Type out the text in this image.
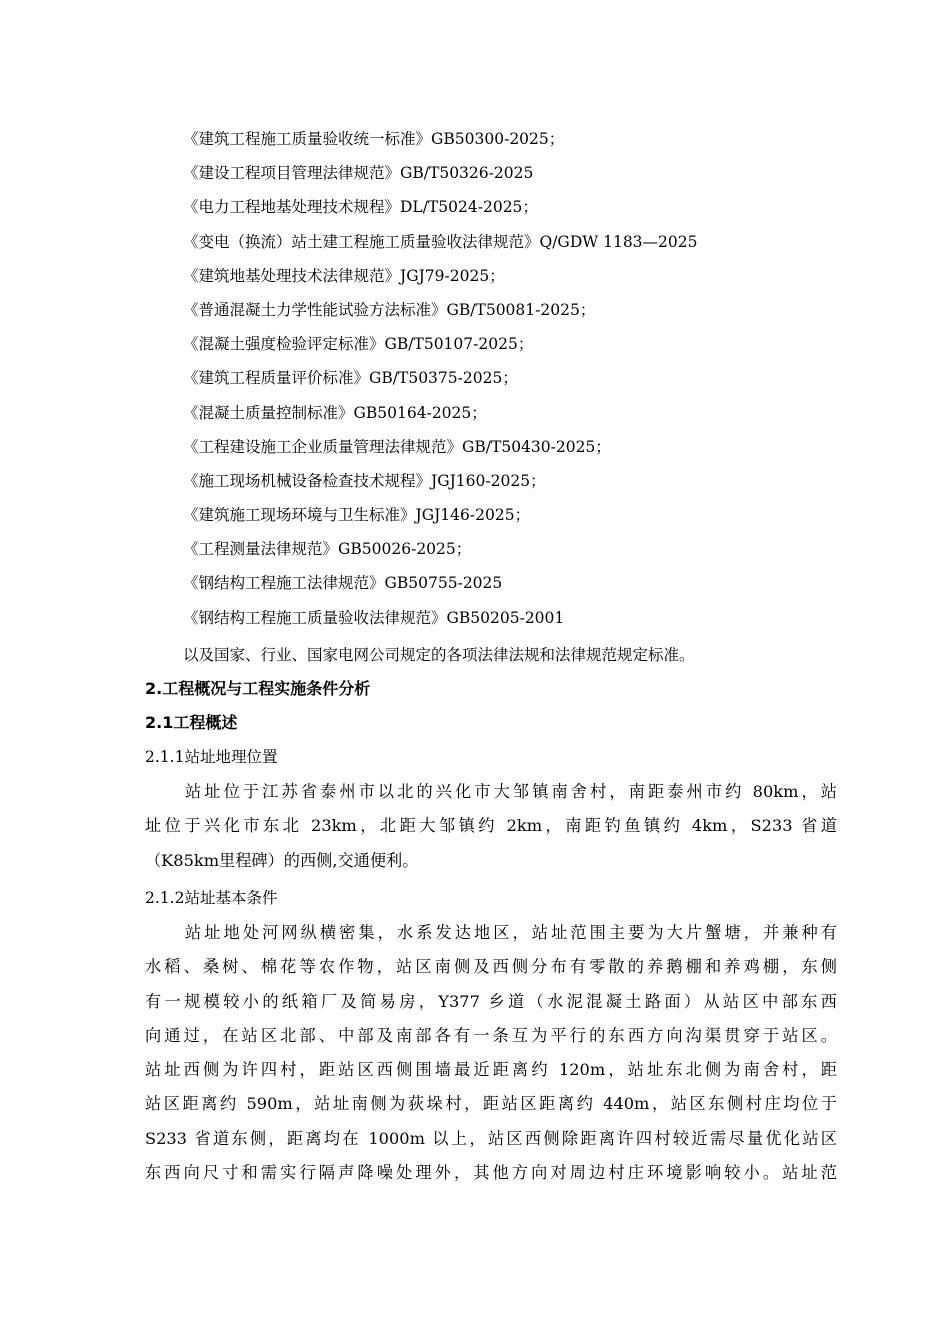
《建筑工程施工质量验收统一标准》GB50300-2025；
《建设工程项目管理法律规范》GB/T50326-2025
《电力工程地基处理技术规程》DL/T5024-2025；
《变电（换流）站土建工程施工质量验收法律规范》Q/GDW 1183—2025
《建筑地基处理技术法律规范》JGJ79-2025；
《普通混凝土力学性能试验方法标准》GB/T50081-2025；
《混凝土强度检验评定标准》GB/T50107-2025；
《建筑工程质量评价标准》GB/T50375-2025；
《混凝土质量控制标准》GB50164-2025；
《工程建设施工企业质量管理法律规范》GB/T50430-2025；
《施工现场机械设备检查技术规程》JGJ160-2025；
《建筑施工现场环境与卫生标准》JGJ146-2025；
《工程测量法律规范》GB50026-2025；
《钢结构工程施工法律规范》GB50755-2025
《钢结构工程施工质量验收法律规范》GB50205-2001
以及国家、行业、国家电网公司规定的各项法律法规和法律规范规定标准。
2.工程概况与工程实施条件分析
2.1工程概述
2.1.1站址地理位置
站址位于江苏省泰州市以北的兴化市大邹镇南舍村，南距泰州市约 80km，站
址位于兴化市东北 23km，北距大邹镇约 2km，南距钓鱼镇约 4km，S233 省道
（K85km里程碑）的西侧,交通便利。
2.1.2站址基本条件
站址地处河网纵横密集，水系发达地区，站址范围主要为大片蟹塘，并兼种有
水稻、桑树、棉花等农作物，站区南侧及西侧分布有零散的养鹅棚和养鸡棚，东侧
有一规模较小的纸箱厂及简易房，Y377 乡道（水泥混凝土路面）从站区中部东西
向通过，在站区北部、中部及南部各有一条互为平行的东西方向沟渠贯穿于站区。
站址西侧为许四村，距站区西侧围墙最近距离约 120m，站址东北侧为南舍村，距
站区距离约 590m，站址南侧为荻垛村，距站区距离约 440m，站区东侧村庄均位于
S233 省道东侧，距离均在 1000m 以上，站区西侧除距离许四村较近需尽量优化站区
东西向尺寸和需实行隔声降噪处理外，其他方向对周边村庄环境影响较小。站址范
